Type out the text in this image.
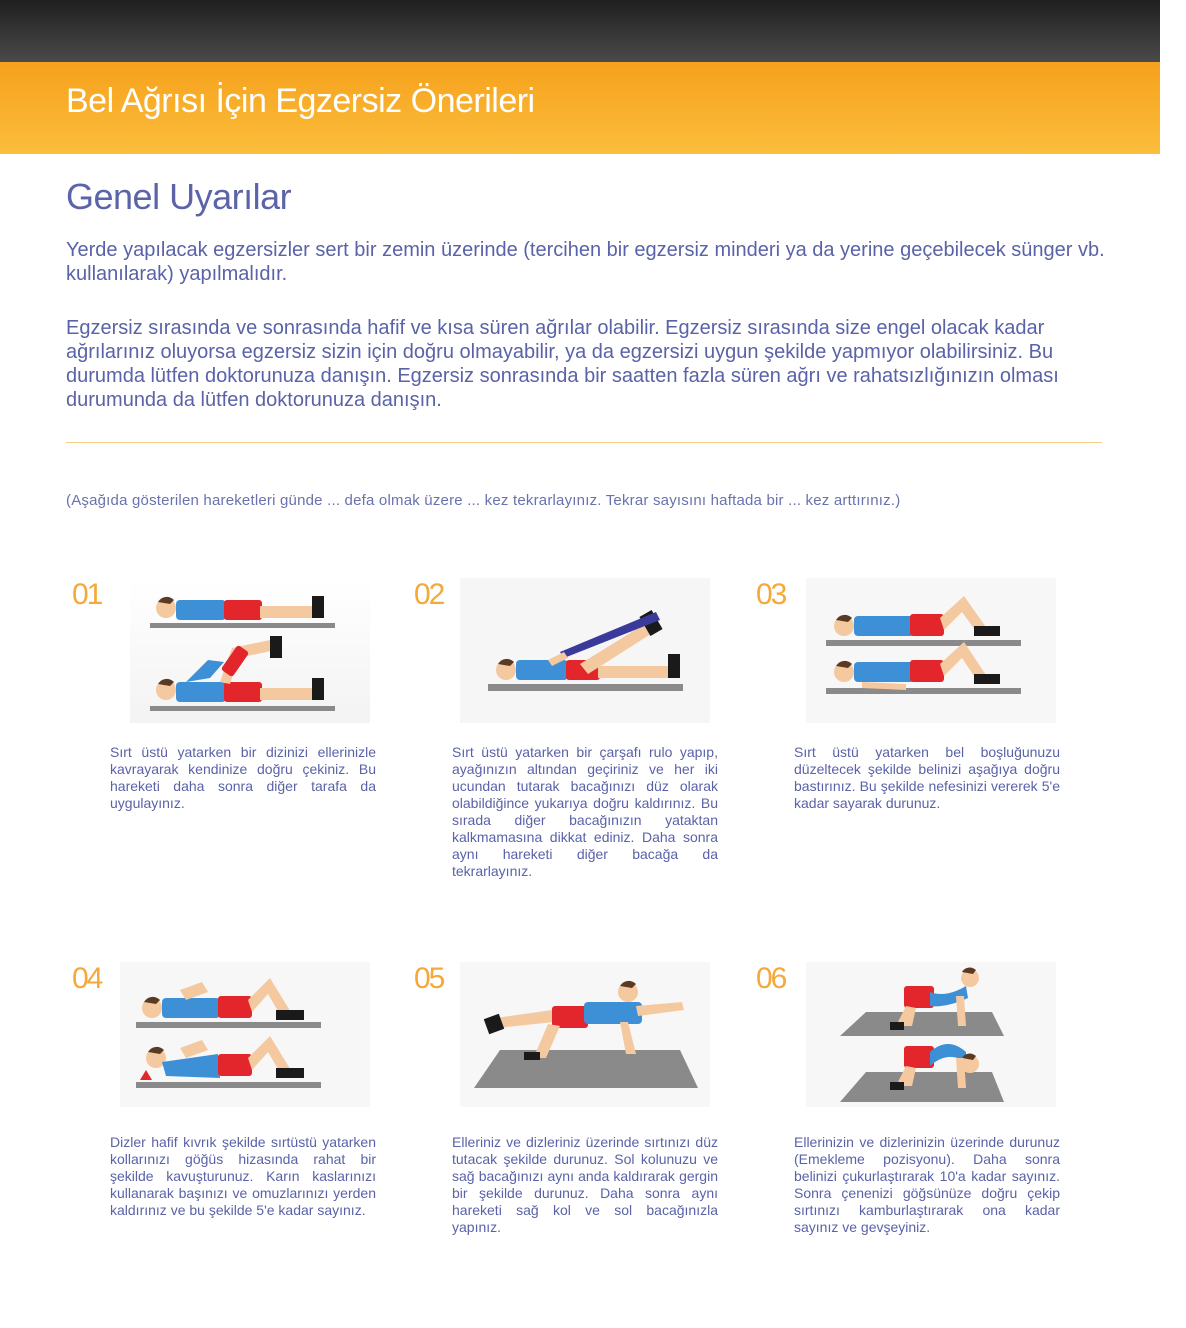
Bel Ağrısı İçin Egzersiz Önerileri
Genel Uyarılar

Yerde yapılacak egzersizler sert bir zemin üzerinde (tercihen bir egzersiz minderi ya da yerine geçebilecek sünger vb. kullanılarak) yapılmalıdır.

Egzersiz sırasında ve sonrasında hafif ve kısa süren ağrılar olabilir. Egzersiz sırasında size engel olacak kadar ağrılarınız oluyorsa egzersiz sizin için doğru olmayabilir, ya da egzersizi uygun şekilde yapmıyor olabilirsiniz. Bu durumda lütfen doktorunuza danışın. Egzersiz sonrasında bir saatten fazla süren ağrı ve rahatsızlığınızın olması durumunda da lütfen doktorunuza danışın.

(Aşağıda gösterilen hareketleri günde ... defa olmak üzere ... kez tekrarlayınız. Tekrar sayısını haftada bir ... kez arttırınız.)

01

Sırt üstü yatarken bir dizinizi ellerinizle kavrayarak kendinize doğru çekiniz. Bu hareketi daha sonra diğer tarafa da uygulayınız.

02

Sırt üstü yatarken bir çarşafı rulo yapıp, ayağınızın altından geçiriniz ve her iki ucundan tutarak bacağınızı düz olarak olabildiğince yukarıya doğru kaldırınız. Bu sırada diğer bacağınızın yataktan kalkmamasına dikkat ediniz. Daha sonra aynı hareketi diğer bacağa da tekrarlayınız.

03

Sırt üstü yatarken bel boşluğunuzu düzeltecek şekilde belinizi aşağıya doğru bastırınız. Bu şekilde nefesinizi vererek 5'e kadar sayarak durunuz.

04

Dizler hafif kıvrık şekilde sırtüstü yatarken kollarınızı göğüs hizasında rahat bir şekilde kavuşturunuz. Karın kaslarınızı kullanarak başınızı ve omuzlarınızı yerden kaldırınız ve bu şekilde 5'e kadar sayınız.

05

Elleriniz ve dizleriniz üzerinde sırtınızı düz tutacak şekilde durunuz. Sol kolunuzu ve sağ bacağınızı aynı anda kaldırarak gergin bir şekilde durunuz. Daha sonra aynı hareketi sağ kol ve sol bacağınızla yapınız.

06

Ellerinizin ve dizlerinizin üzerinde durunuz (Emekleme pozisyonu). Daha sonra belinizi çukurlaştırarak 10'a kadar sayınız. Sonra çenenizi göğsünüze doğru çekip sırtınızı kamburlaştırarak ona kadar sayınız ve gevşeyiniz.
